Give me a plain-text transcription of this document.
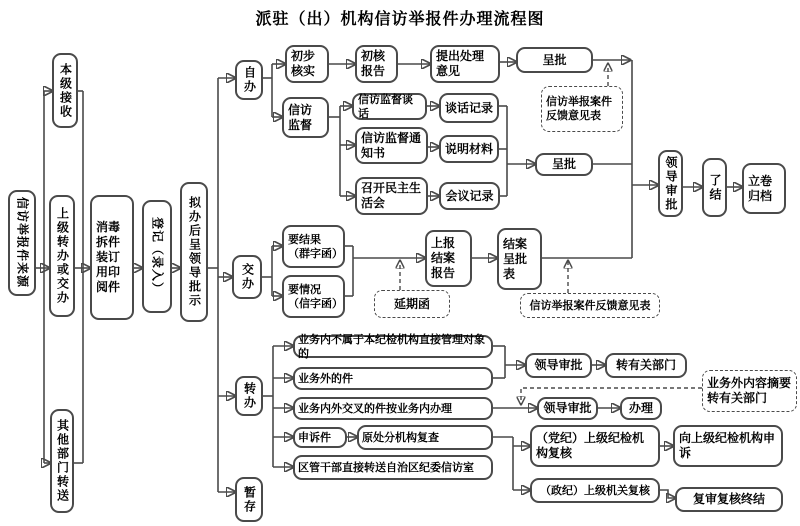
派驻（出）机构信访举报件办理流程图
信访举报件来源
本级接收
上级转办或交办
其他部门转送
消毒拆件装订用印阅件	登记（录入）	拟办后呈领导批示
自办
交办
转办
暂存
初步核实
初核报告
提出处理意见
呈批
信访举报案件反馈意见表
信访监督
信访监督谈话	谈话记录
信访监督通知书	说明材料
召开民主生活会
会议记录
呈批	领导审批	了结	立卷归档
要结果（群字函）
要情况（信字函）	延期函
上报结案报告
结案呈批表
信访举报案件反馈意见表
业务内不属于本纪检机构直接管理对象的
业务外的件
业务内外交叉的件按业务内办理
申诉件	原处分机构复查
区管干部直接转送自治区纪委信访室
领导审批	转有关部门
领导审批	办理
业务外内容摘要转有关部门
（党纪）上级纪检机构复核
向上级纪检机构申诉
（政纪）上级机关复核
复审复核终结
